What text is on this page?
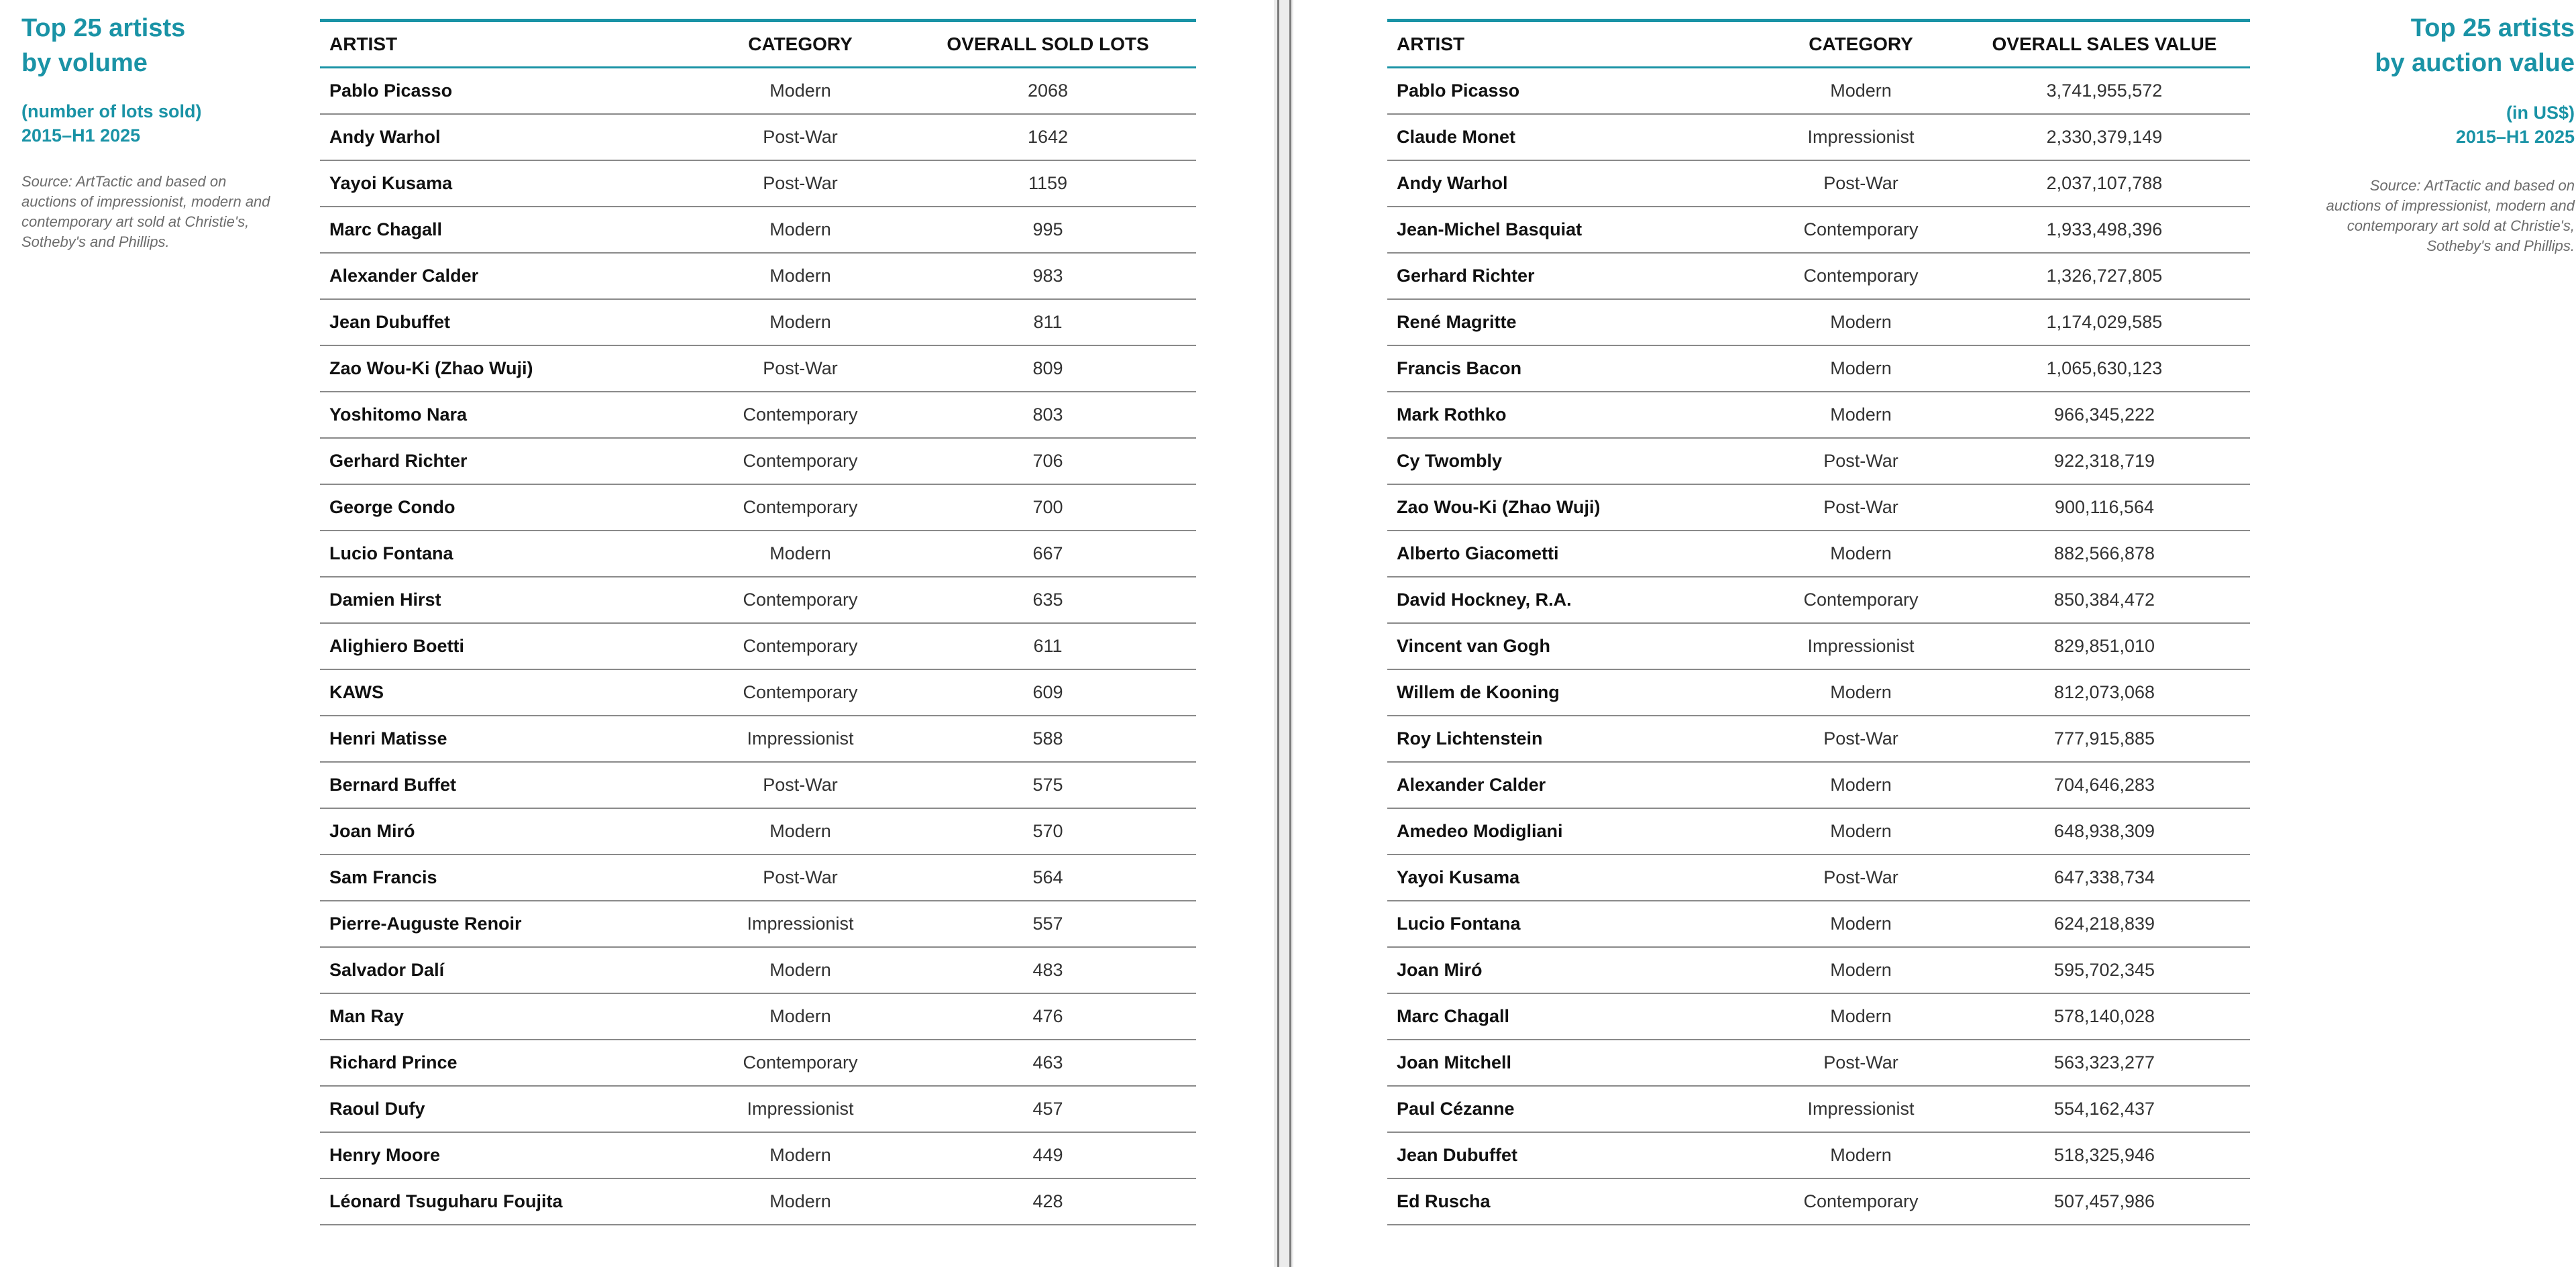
Top 25 artists
by volume
(number of lots sold)
2015–H1 2025
Source: ArtTactic and based on
auctions of impressionist, modern and
contemporary art sold at Christie's,
Sotheby's and Phillips.
ARTIST	CATEGORY	OVERALL SOLD LOTS
Pablo Picasso	Modern	2068
Andy Warhol	Post-War	1642
Yayoi Kusama	Post-War	1159
Marc Chagall	Modern	995
Alexander Calder	Modern	983
Jean Dubuffet	Modern	811
Zao Wou-Ki (Zhao Wuji)	Post-War	809
Yoshitomo Nara	Contemporary	803
Gerhard Richter	Contemporary	706
George Condo	Contemporary	700
Lucio Fontana	Modern	667
Damien Hirst	Contemporary	635
Alighiero Boetti	Contemporary	611
KAWS	Contemporary	609
Henri Matisse	Impressionist	588
Bernard Buffet	Post-War	575
Joan Miró	Modern	570
Sam Francis	Post-War	564
Pierre-Auguste Renoir	Impressionist	557
Salvador Dalí	Modern	483
Man Ray	Modern	476
Richard Prince	Contemporary	463
Raoul Dufy	Impressionist	457
Henry Moore	Modern	449
Léonard Tsuguharu Foujita	Modern	428
ARTIST	CATEGORY	OVERALL SALES VALUE
Pablo Picasso	Modern	3,741,955,572
Claude Monet	Impressionist	2,330,379,149
Andy Warhol	Post-War	2,037,107,788
Jean-Michel Basquiat	Contemporary	1,933,498,396
Gerhard Richter	Contemporary	1,326,727,805
René Magritte	Modern	1,174,029,585
Francis Bacon	Modern	1,065,630,123
Mark Rothko	Modern	966,345,222
Cy Twombly	Post-War	922,318,719
Zao Wou-Ki (Zhao Wuji)	Post-War	900,116,564
Alberto Giacometti	Modern	882,566,878
David Hockney, R.A.	Contemporary	850,384,472
Vincent van Gogh	Impressionist	829,851,010
Willem de Kooning	Modern	812,073,068
Roy Lichtenstein	Post-War	777,915,885
Alexander Calder	Modern	704,646,283
Amedeo Modigliani	Modern	648,938,309
Yayoi Kusama	Post-War	647,338,734
Lucio Fontana	Modern	624,218,839
Joan Miró	Modern	595,702,345
Marc Chagall	Modern	578,140,028
Joan Mitchell	Post-War	563,323,277
Paul Cézanne	Impressionist	554,162,437
Jean Dubuffet	Modern	518,325,946
Ed Ruscha	Contemporary	507,457,986
Top 25 artists
by auction value
(in US$)
2015–H1 2025
Source: ArtTactic and based on
auctions of impressionist, modern and
contemporary art sold at Christie's,
Sotheby's and Phillips.
